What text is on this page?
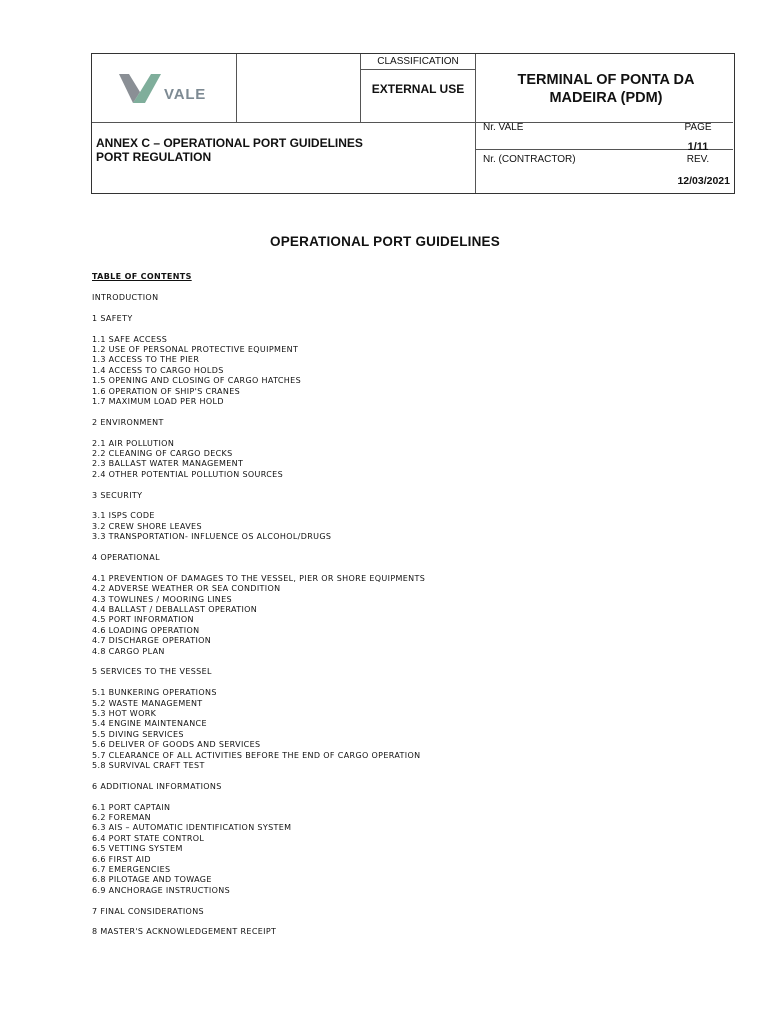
VALE
CLASSIFICATION
EXTERNAL USE
TERMINAL OF PONTA DA MADEIRA (PDM)
ANNEX C – OPERATIONAL PORT GUIDELINES
PORT REGULATION
Nr. VALE
Nr. (CONTRACTOR)
PAGE
1/11
REV.
12/03/2021
OPERATIONAL PORT GUIDELINES
TABLE OF CONTENTS
INTRODUCTION
1 SAFETY
1.1 SAFE ACCESS
1.2 USE OF PERSONAL PROTECTIVE EQUIPMENT
1.3 ACCESS TO THE PIER
1.4 ACCESS TO CARGO HOLDS
1.5 OPENING AND CLOSING OF CARGO HATCHES
1.6 OPERATION OF SHIP'S CRANES
1.7 MAXIMUM LOAD PER HOLD
2 ENVIRONMENT
2.1 AIR POLLUTION
2.2 CLEANING OF CARGO DECKS
2.3 BALLAST WATER MANAGEMENT
2.4 OTHER POTENTIAL POLLUTION SOURCES
3 SECURITY
3.1 ISPS CODE
3.2 CREW SHORE LEAVES
3.3 TRANSPORTATION- INFLUENCE OS ALCOHOL/DRUGS
4 OPERATIONAL
4.1 PREVENTION OF DAMAGES TO THE VESSEL, PIER OR SHORE EQUIPMENTS
4.2 ADVERSE WEATHER OR SEA CONDITION
4.3 TOWLINES / MOORING LINES
4.4 BALLAST / DEBALLAST OPERATION
4.5 PORT INFORMATION
4.6 LOADING OPERATION
4.7 DISCHARGE OPERATION
4.8 CARGO PLAN
5 SERVICES TO THE VESSEL
5.1 BUNKERING OPERATIONS
5.2 WASTE MANAGEMENT
5.3 HOT WORK
5.4 ENGINE MAINTENANCE
5.5 DIVING SERVICES
5.6 DELIVER OF GOODS AND SERVICES
5.7 CLEARANCE OF ALL ACTIVITIES BEFORE THE END OF CARGO OPERATION
5.8 SURVIVAL CRAFT TEST
6 ADDITIONAL INFORMATIONS
6.1 PORT CAPTAIN
6.2 FOREMAN
6.3 AIS – AUTOMATIC IDENTIFICATION SYSTEM
6.4 PORT STATE CONTROL
6.5 VETTING SYSTEM
6.6 FIRST AID
6.7 EMERGENCIES
6.8 PILOTAGE AND TOWAGE
6.9 ANCHORAGE INSTRUCTIONS
7 FINAL CONSIDERATIONS
8 MASTER'S ACKNOWLEDGEMENT RECEIPT
